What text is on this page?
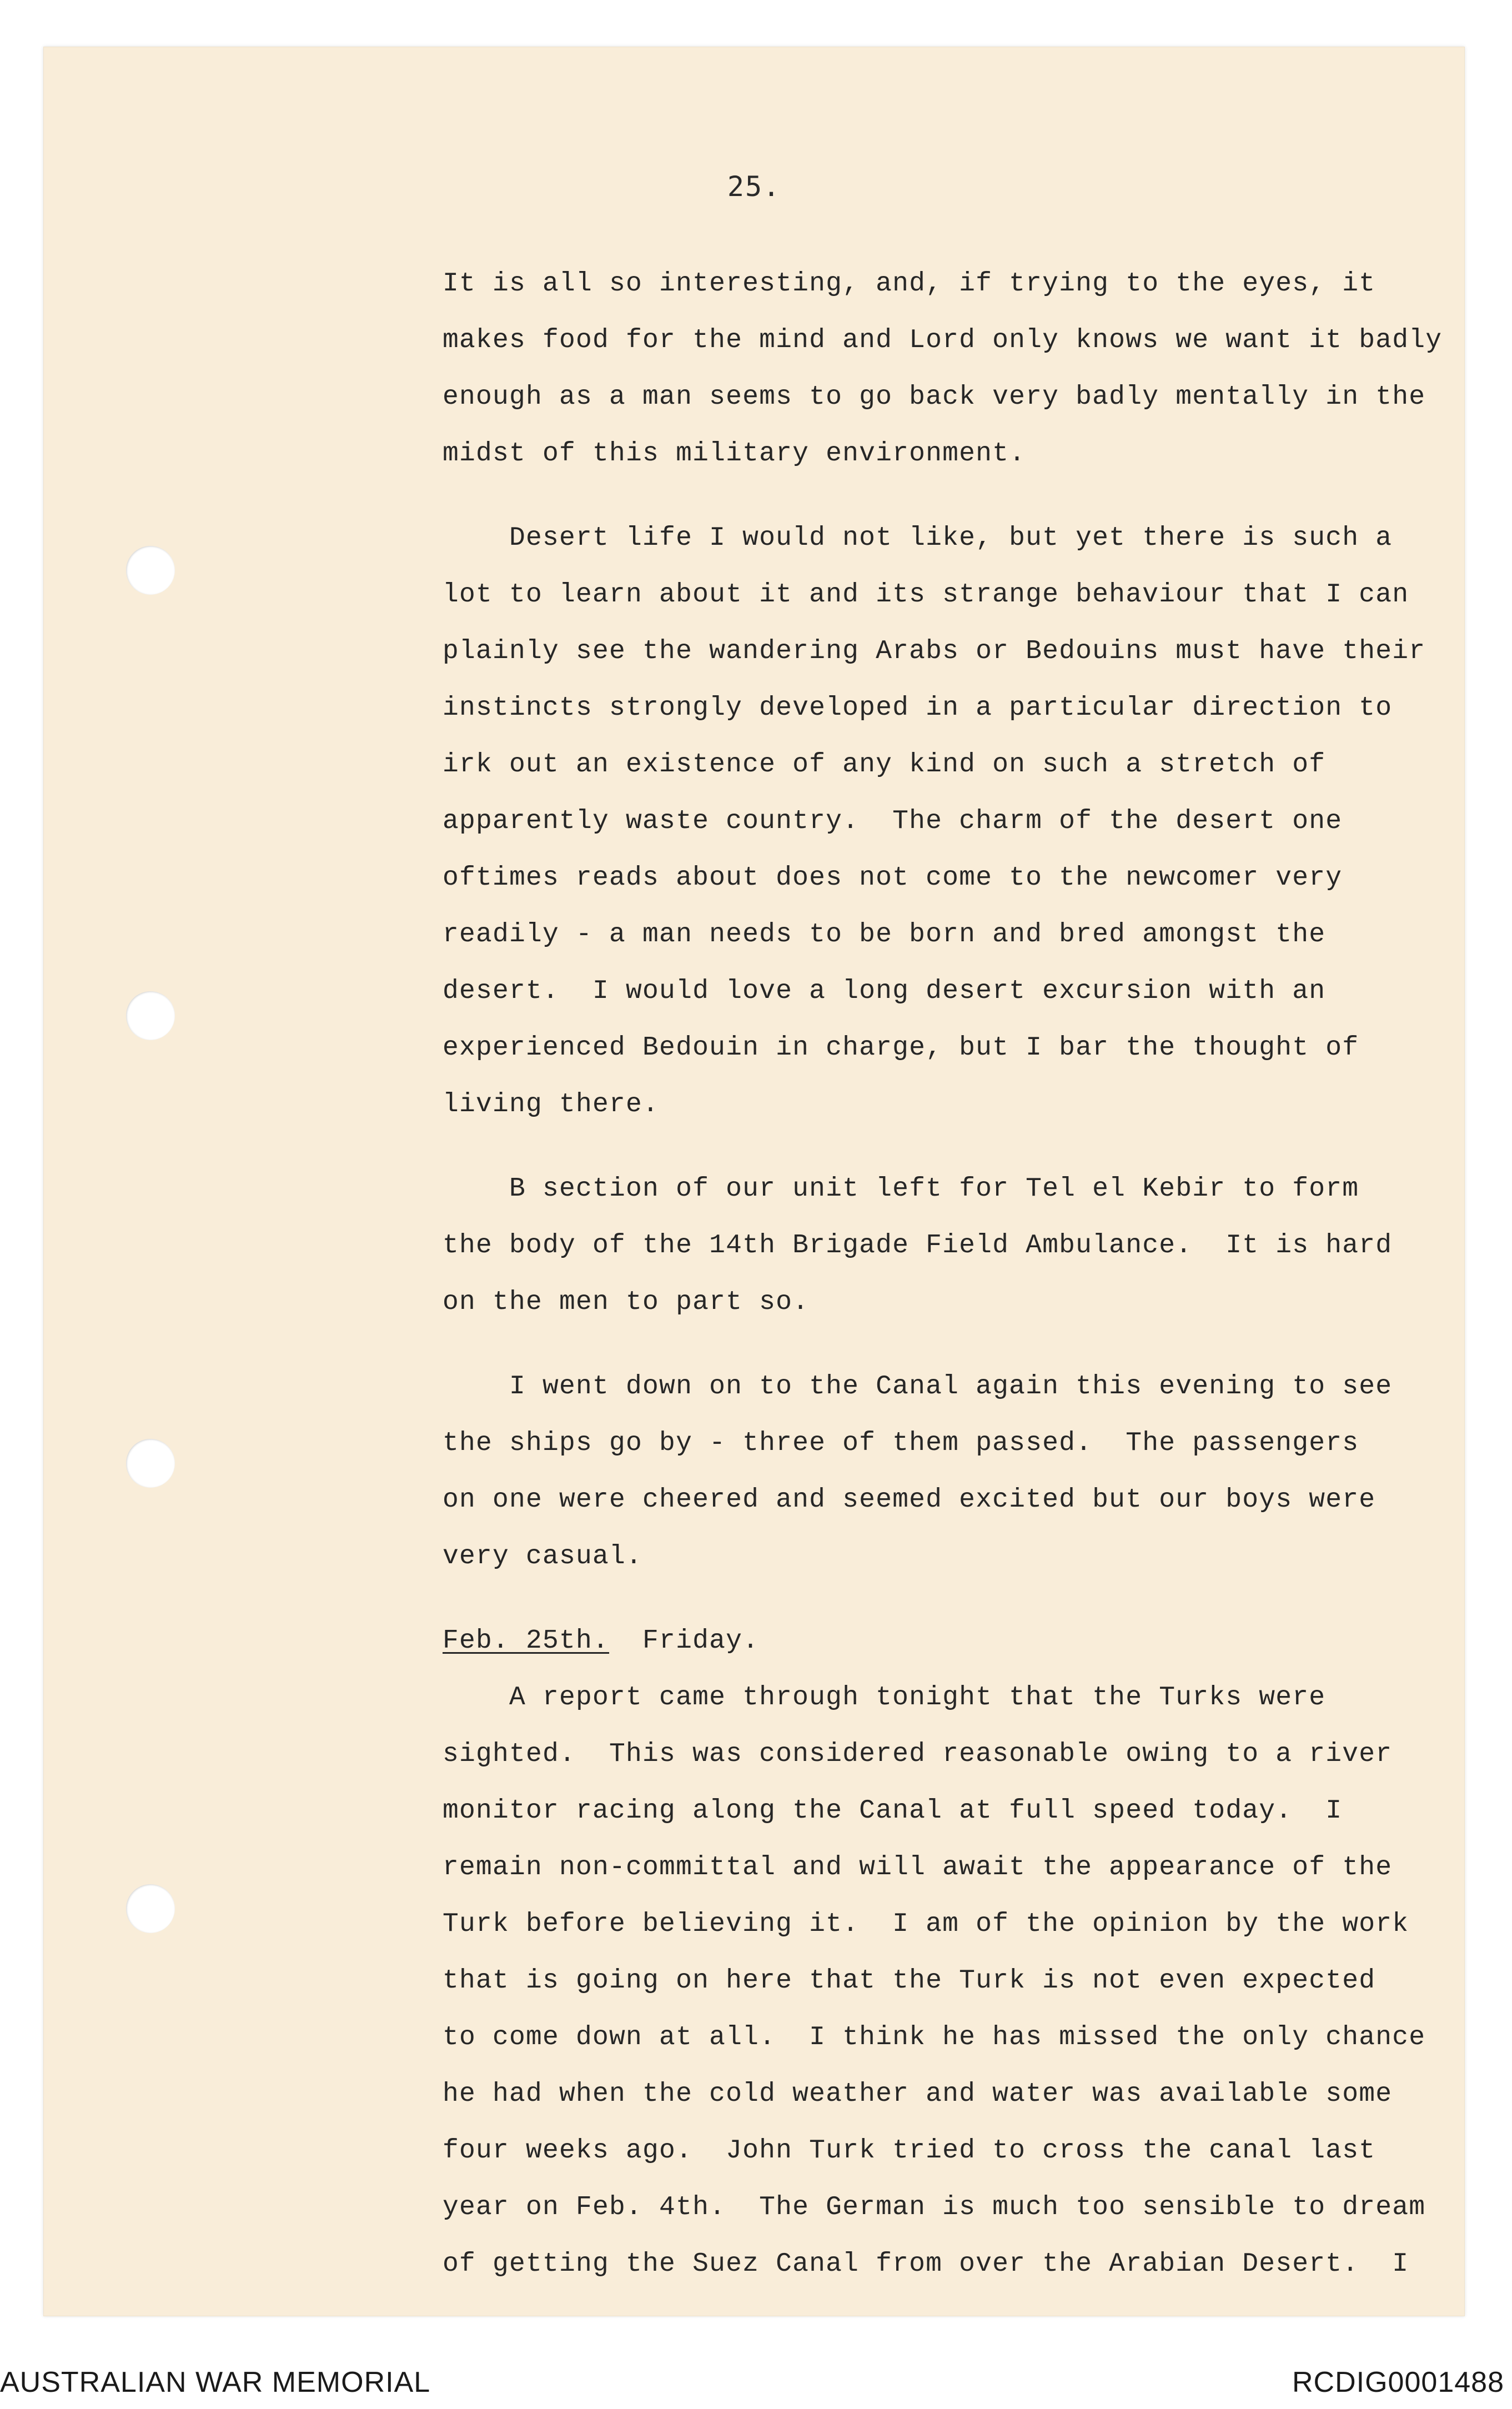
25.
It is all so interesting, and, if trying to the eyes, it
makes food for the mind and Lord only knows we want it badly
enough as a man seems to go back very badly mentally in the
midst of this military environment.
Desert life I would not like, but yet there is such a
lot to learn about it and its strange behaviour that I can
plainly see the wandering Arabs or Bedouins must have their
instincts strongly developed in a particular direction to
irk out an existence of any kind on such a stretch of
apparently waste country.  The charm of the desert one
oftimes reads about does not come to the newcomer very
readily - a man needs to be born and bred amongst the
desert.  I would love a long desert excursion with an
experienced Bedouin in charge, but I bar the thought of
living there.
B section of our unit left for Tel el Kebir to form
the body of the 14th Brigade Field Ambulance.  It is hard
on the men to part so.
I went down on to the Canal again this evening to see
the ships go by - three of them passed.  The passengers
on one were cheered and seemed excited but our boys were
very casual.
Feb. 25th.  Friday.
A report came through tonight that the Turks were
sighted.  This was considered reasonable owing to a river
monitor racing along the Canal at full speed today.  I
remain non-committal and will await the appearance of the
Turk before believing it.  I am of the opinion by the work
that is going on here that the Turk is not even expected
to come down at all.  I think he has missed the only chance
he had when the cold weather and water was available some
four weeks ago.  John Turk tried to cross the canal last
year on Feb. 4th.  The German is much too sensible to dream
of getting the Suez Canal from over the Arabian Desert.  I
AUSTRALIAN WAR MEMORIAL	RCDIG0001488
